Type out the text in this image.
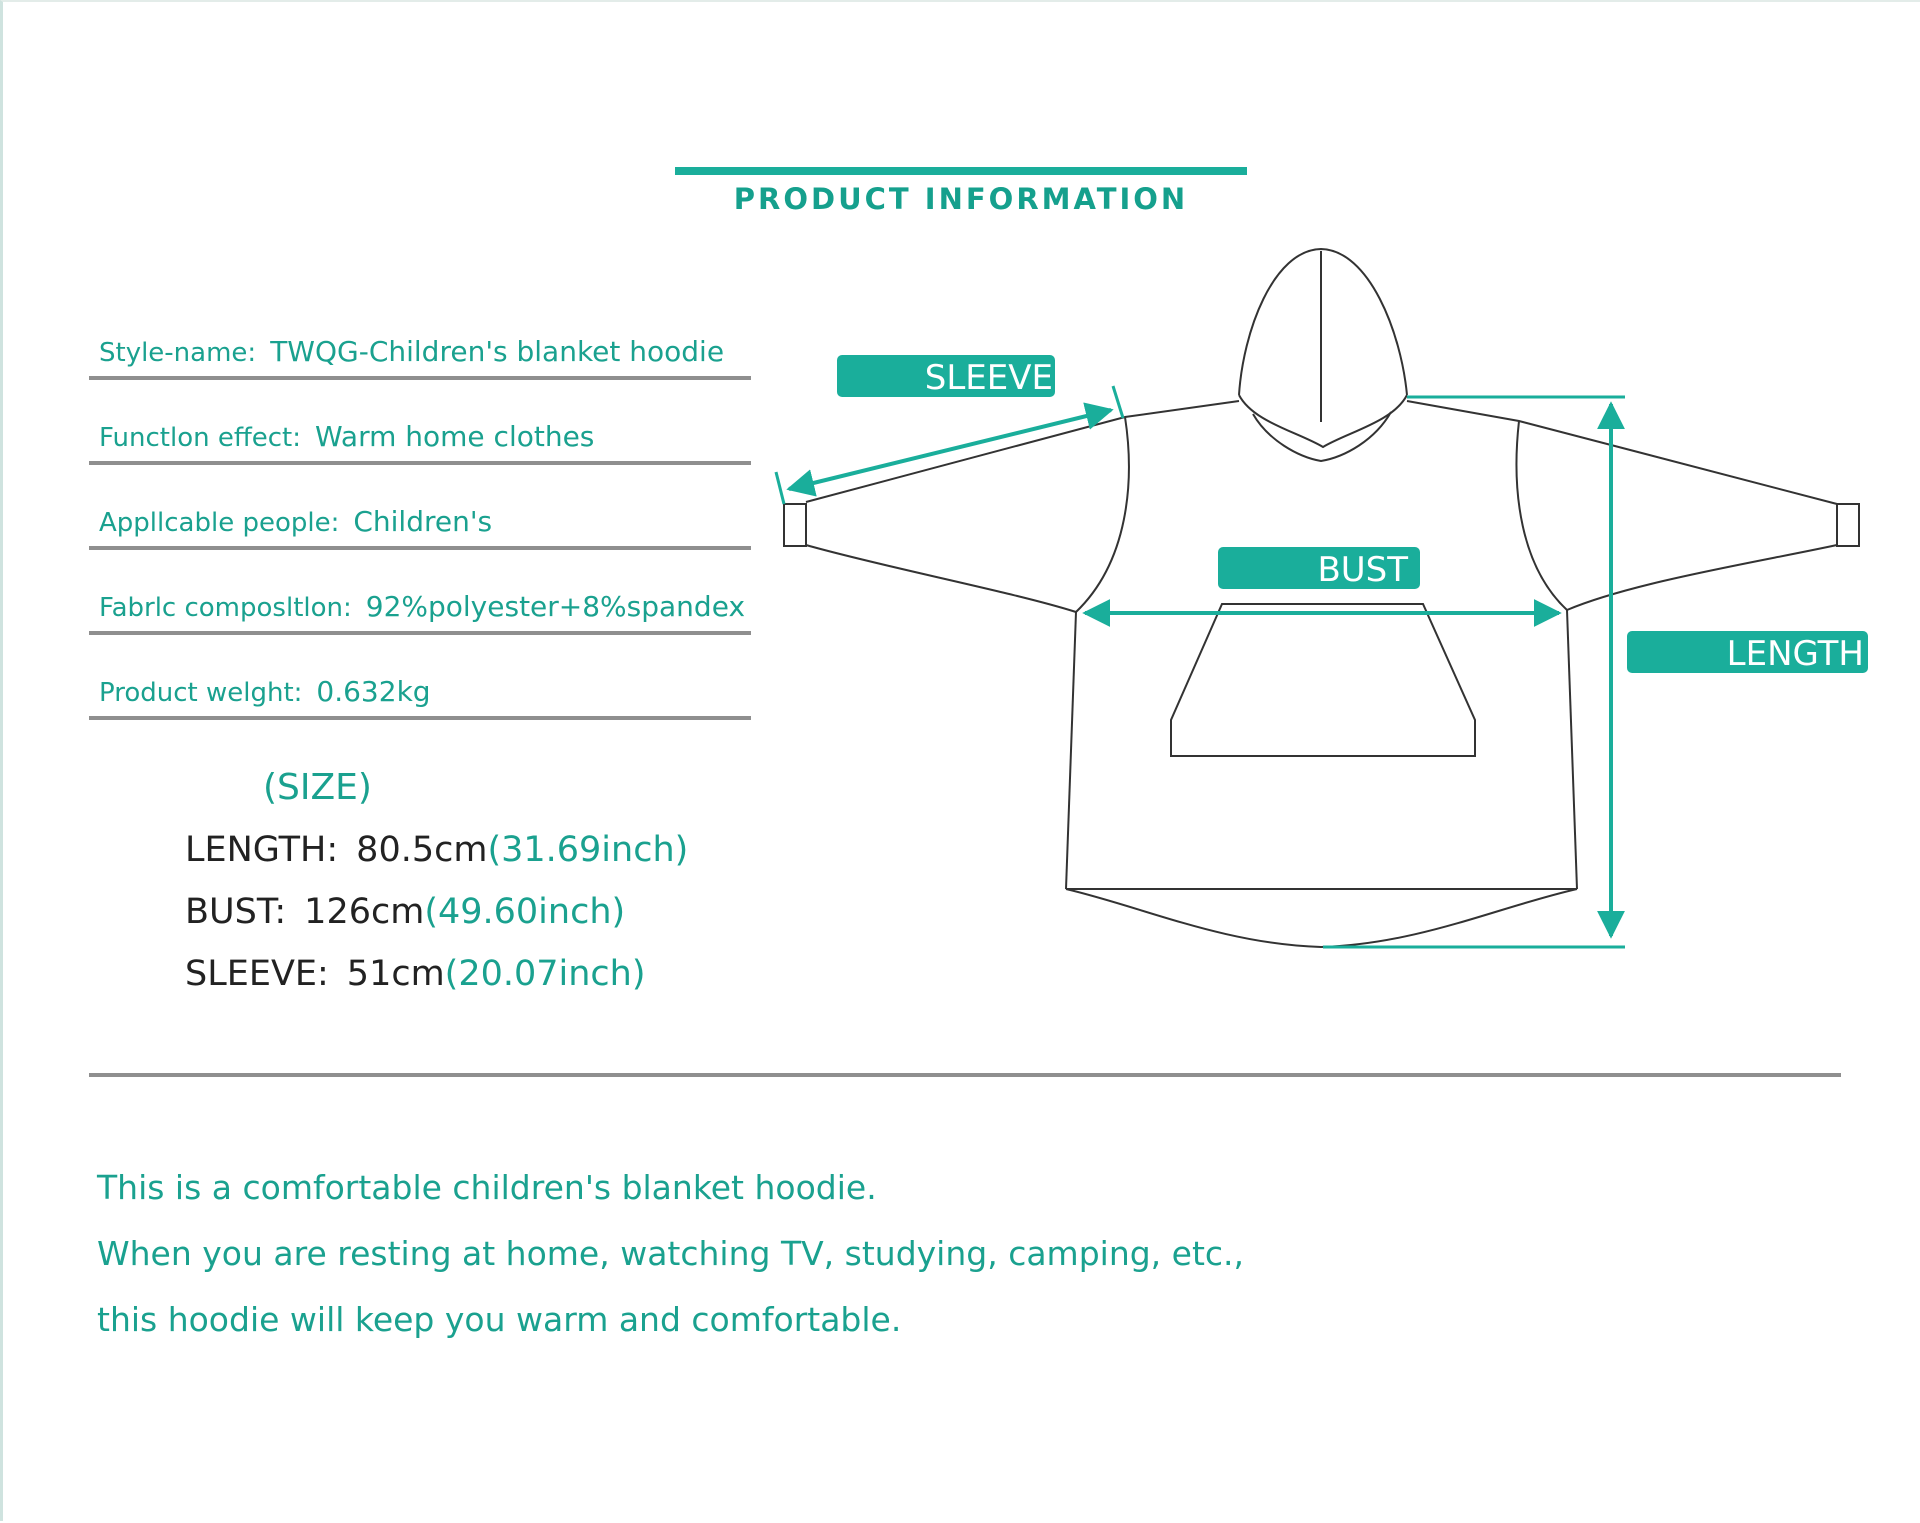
PRODUCT INFORMATION
Style-name: TWQG-Children's blanket hoodie
Functlon effect: Warm home clothes
Appllcable people: Children's
Fabrlc composltlon: 92%polyester+8%spandex
Product welght: 0.632kg
(SIZE)
LENGTH: 80.5cm(31.69inch)
BUST: 126cm(49.60inch)
SLEEVE: 51cm(20.07inch)
SLEEVE
BUST
LENGTH
This is a comfortable children's blanket hoodie.
When you are resting at home, watching TV, studying, camping, etc.,
this hoodie will keep you warm and comfortable.
